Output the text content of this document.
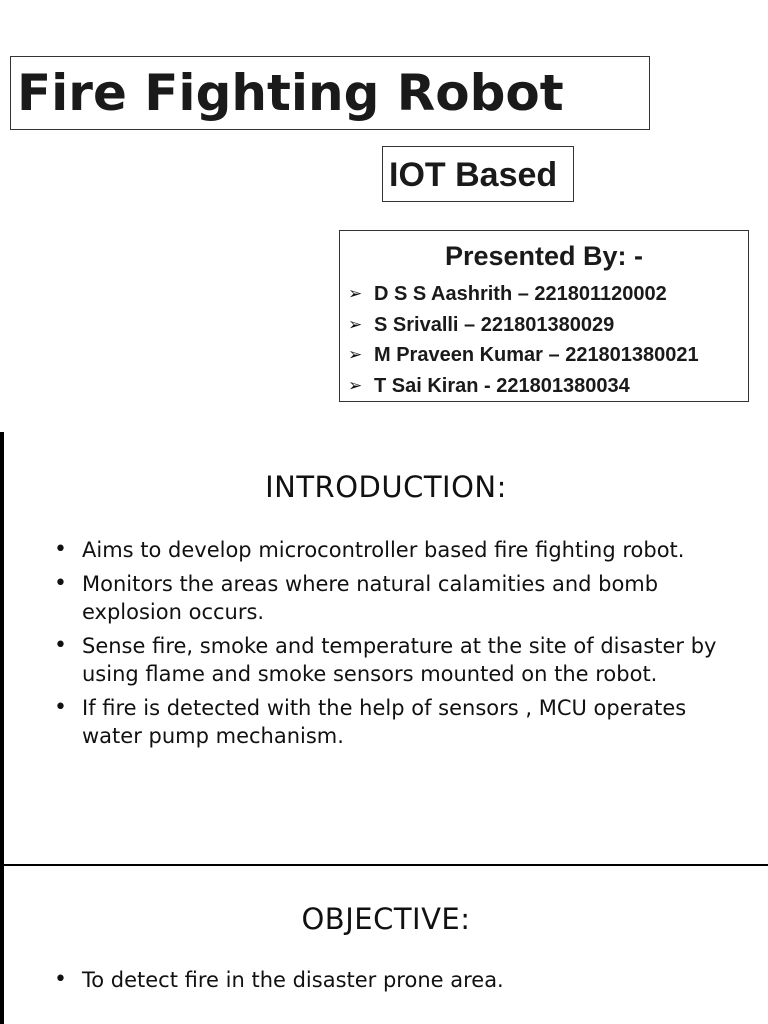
Fire Fighting Robot
IOT Based
Presented By: -
➢ D S S Aashrith – 221801120002
➢ S Srivalli – 221801380029
➢ M Praveen Kumar – 221801380021
➢ T Sai Kiran - 221801380034
INTRODUCTION:
• Aims to develop microcontroller based fire fighting robot.
• Monitors the areas where natural calamities and bomb explosion occurs.
• Sense fire, smoke and temperature at the site of disaster by using flame and smoke sensors mounted on the robot.
• If fire is detected with the help of sensors , MCU operates water pump mechanism.
OBJECTIVE:
• To detect fire in the disaster prone area.
